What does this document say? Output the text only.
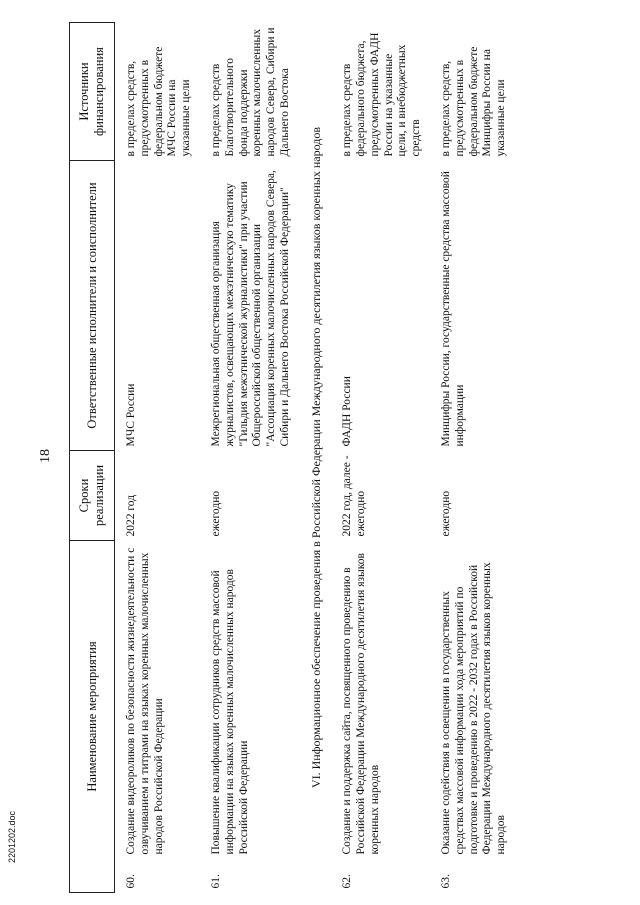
18
Наименование мероприятия		Сроки реализации	Ответственные исполнители и соисполнители	Источники финансирования
60.	Создание видеороликов по безопасности жизнедеятельности с озвучиванием и титрами на языках коренных малочисленных народов Российской Федерации	2022 год	МЧС России	в пределах средств, предусмотренных в федеральном бюджете МЧС России на указанные цели
61.	Повышение квалификации сотрудников средств массовой информации на языках коренных малочисленных народов Российской Федерации	ежегодно	Межрегиональная общественная организация журналистов, освещающих межэтническую тематику "Гильдия межэтнической журналистики" при участии Общероссийской общественной организации "Ассоциация коренных малочисленных народов Севера, Сибири и Дальнего Востока Российской Федерации"	в пределах средств Благотворительного фонда поддержки коренных малочисленных народов Севера, Сибири и Дальнего Востока
VI. Информационное обеспечение проведения в Российской Федерации Международного десятилетия языков коренных народов				
62.	Создание и поддержка сайта, посвященного проведению в Российской Федерации Международного десятилетия языков коренных народов	2022 год, далее - ежегодно	ФАДН России	в пределах средств федерального бюджета, предусмотренных ФАДН России на указанные цели, и внебюджетных средств
63.	Оказание содействия в освещении в государственных средствах массовой информации хода мероприятий по подготовке и проведению в 2022 - 2032 годах в Российской Федерации Международного десятилетия языков коренных народов	ежегодно	Минцифры России, государственные средства массовой информации	в пределах средств, предусмотренных в федеральном бюджете Минцифры России на указанные цели
2201202.doc
